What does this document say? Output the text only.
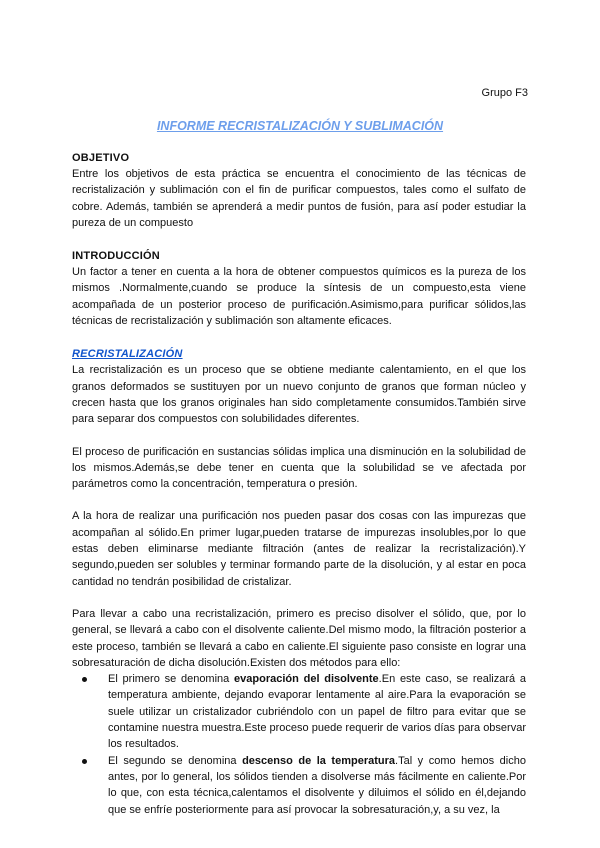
Grupo F3
INFORME RECRISTALIZACIÓN Y SUBLIMACIÓN
OBJETIVO

Entre los objetivos de esta práctica se encuentra el conocimiento de las técnicas de recristalización y sublimación con el fin de purificar compuestos, tales como el sulfato de cobre. Además, también se aprenderá a medir puntos de fusión, para así poder estudiar la pureza de un compuesto

INTRODUCCIÓN

Un factor a tener en cuenta a la hora de obtener compuestos químicos es la pureza de los mismos .Normalmente,cuando se produce la síntesis de un compuesto,esta viene acompañada de un posterior proceso de purificación.Asimismo,para purificar sólidos,las técnicas de recristalización y sublimación son altamente eficaces.

RECRISTALIZACIÓN

La recristalización es un proceso que se obtiene mediante calentamiento, en el que los granos deformados se sustituyen por un nuevo conjunto de granos que forman núcleo y crecen hasta que los granos originales han sido completamente consumidos.También sirve para separar dos compuestos con solubilidades diferentes.

El proceso de purificación en sustancias sólidas implica una disminución en la solubilidad de los mismos.Además,se debe tener en cuenta que la solubilidad se ve afectada por parámetros como la concentración, temperatura o presión.

A la hora de realizar una purificación nos pueden pasar dos cosas con las impurezas que acompañan al sólido.En primer lugar,pueden tratarse de impurezas insolubles,por lo que estas deben eliminarse mediante filtración (antes de realizar la recristalización).Y segundo,pueden ser solubles y terminar formando parte de la disolución, y al estar en poca cantidad no tendrán posibilidad de cristalizar.

Para llevar a cabo una recristalización, primero es preciso disolver el sólido, que, por lo general, se llevará a cabo con el disolvente caliente.Del mismo modo, la filtración posterior a este proceso, también se llevará a cabo en caliente.El siguiente paso consiste en lograr una sobresaturación de dicha disolución.Existen dos métodos para ello:

El primero se denomina evaporación del disolvente.En este caso, se realizará a temperatura ambiente, dejando evaporar lentamente al aire.Para la evaporación se suele utilizar un cristalizador cubriéndolo con un papel de filtro para evitar que se contamine nuestra muestra.Este proceso puede requerir de varios días para observar los resultados.
El segundo se denomina descenso de la temperatura.Tal y como hemos dicho antes, por lo general, los sólidos tienden a disolverse más fácilmente en caliente.Por lo que, con esta técnica,calentamos el disolvente y diluimos el sólido en él,dejando que se enfríe posteriormente para así provocar la sobresaturación,y, a su vez, la
